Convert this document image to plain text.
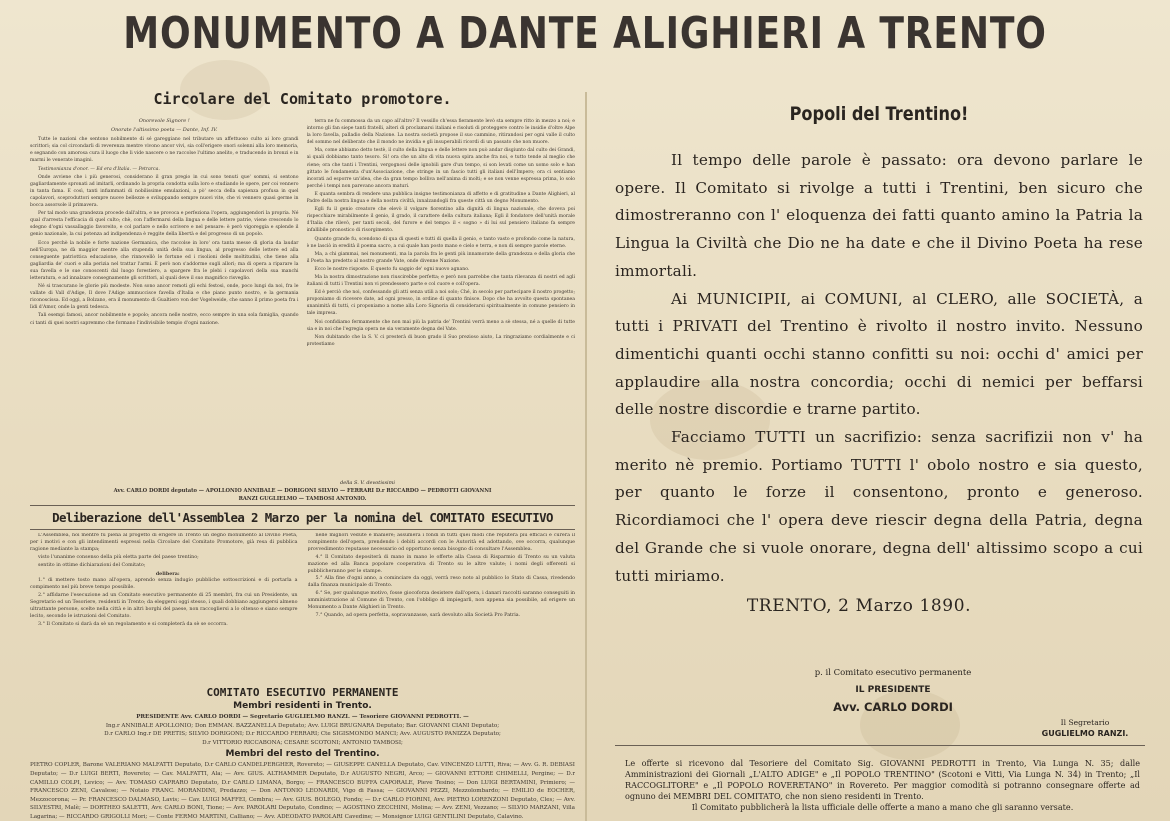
MONUMENTO A DANTE ALIGHIERI A TRENTO
Circolare del Comitato promotore.
Onorevole Signore !
Onorate l'altissimo poeta — Dante, Inf. IV.

Tutte le nazioni che sentono nobilmente di sé gareggiano nel tributare un affettuoso culto ai loro grandi scrittori; sia col circondarli di reverenza mentre vivono ancor vivi, sia coll'erigere onori solenni alla loro memoria, e segnando con amorosa cura il luogo che li vide nascere o ne raccolse l'ultimo anelito, e traducendo in bronzi e in marmi le venerate imagini.

Testimonianza d'onor. — Ed era d'Italia. — Petrarca.

Onde avviene che i più generosi, considerano il gran pregio in cui sono tenuti que' sommi, si sentono gagliardamente spronati ad imitarli, ordinando la propria condotta sulla loro e studiando le opere, per coi vennero in tanta fama. E così, tanti infiammati di nobilissime emulazioni, a pò' secca della sapienza profusa in quel capolavori, sceproduttori sempre nuove bellezze e sviluppando sempre nuovi vite, che vi vennero quasi germe in bocca assorsole il primavera.

Per tal modo una grandezza procede dall'altra, e ne provoca e perfeziona l'opera, aggiungendori la propria. Né qual d'arresta l'efficacia di quel culto; chè, con l'affermarsi della lingua e delle lettere patrie, viene crescendo lo sdegno d'ogni vassallaggio favoreito, e col parlare e nello scrivere e nel pensare: è però vigoreggia e splende il genio nazionale, la cui potenza ad indipendenza è reggite della libertà e del progresso di un popolo.

Ecco perchè la nobile e forte nazione Germanica, che raccolse in loro' ora tanta messe di gloria da laudar nell'Europa, ne dà maggior mentre alla stupenda unità della sua lingua, al progresso delle lettere ed alla conseguente patriottica educazione, che rinnovellò le fortune ed i risolioni delle moltitudini, che tiene alla gagliardia de' cuori e alla perizia nel trattar l'armi. È però non s'addorme sugli allori; ma di opera a riparare la sua favella e le sue conoscenti dal luogo forestiero, a spargere fra le plebi i capolavori della sua manchi letteratura, e ad innalzare consegnamente gli scrittori, al quali deve il suo magnifico risveglio.

Né si trascurano le glorie più modeste. Non sono ancor remoti gli echi festosi, onde, poco lungi da noi, fra le vallate di Vall d'Adige, Il dove l'Adige ammuccisce favella d'Italia e che piano punto nostro, e la germania riconoscissa. Ed oggi, a Bolzano, era il monumento di Gualtiero von der Vogelweide, che sanno il primo poeta fra i lìdi d'Amor, onde la genti tedesca.

Tali esempi famosi, ancor nobilmente e popolo; ancora nelle nostre, ecco sempre in una sola famiglia, quando ci tanti di quei nostri sapremmo che formano l'indivisibile tempio d'ogni nazione.

terra ne fu commossa da un capo all'altro? Il vessillo ch'essa fieramente levò sta sempre ritto in mezzo a noi; e intorno gli fan siepe tanti fratelli, alteri di proclamarsi italiani e risoluti di proteggere contro le insidie d'oltre Alpe la loro favella, palladio della Nazione. La nostra società propose il suo cammino, ritirandosi per ogni valle il culto del sommo nel deliberato che il mondo ne invidia e gli insuperabili ricordi di un passato che non muore.

Ma, come abbiamo detto testè, il culto della lingua e delle lettere non può andar disgiunto dal culto dei Grandi, ai quali dobbiamo tanto tesoro. Si! ora che un alto di vita nuova spira anche fra noi, e tutto tende al meglio che viene; ora che tanti i Trentini, vergognosi delle ignobili gare d'un tempo, si son levati come un uomo solo e han gittato le fondamenta d'un'Associazione, che stringe in un fascio tutti gli italiani dell'Impero; ora ci sentiamo incorati ad esporre un'idea, che da gran tempo bolliva nell'anima di molti; e se non venne espressa prima, lo solo perché i tempi non parevano ancora maturi.

E quanta sembra di rendere una pubblica insigne testimonianza di affetto e di gratitudine a Dante Alighieri, al Padre della nostra lingua e della nostra civiltà, innalzandogli fra queste città un degno Monumento.

Egli fu il genio creatore che elevò il volgare fiorentino alla dignità di lingua nazionale, che doveva poi rispecchiare mirabilmente il genio, il grado, il carattere della cultura italiana; Egli il fondatore dell'unità morale d'Italia che rilevò, per tanti secoli, del furore e del tempo: il « sogno » di lui sul pensiero italiano fa sempre infallibile pronostico di risorgimento.

Quanto grande fu, scendono di qua di questi e tutti di quella il genio, e tanto vasto e profondo come la natura, è ne lasciò in eredità il poema sacro, a cui quale han posto mano e cielo e terra, e non di sempre parole eterne.

Ma, a chi giammai, nei monumenti, ma la parola fra le genti più innamorate della grandezza e della gloria che il Poeta ha predetto al nostro grande Vate, onde divenne Nazione.

Ecco le nostre risposte. E questo fu saggio de' ogni nuovo agnano.

Ma la nostra dimostrazione non riuscirebbe perfetta; e però non parrebbe che tanta rilevanza di nostri ed agli italiani di tutti i Trentini non vi prendessero parte e col cuore e coll'opera.

Ed è perciò che noi, confessando gli atti senza utili a noi solo; Ché, in secolo per partecipare il nostro progetto; proponiamo di ricevere date, ad ogni presso, in ordine di quanto finisce. Dopo che ha avvolto questa spontanea unanimità di tutti, ci proponiamo a nome alla Loro Signoria di considerarsi spiritualmente in comune pensiero in tale impresa.

Noi confidiamo fermamente che non mai più la patria de' Trentini verrà meno a sè stessa, né a quelle di tutte sia e in noi che l'egregia opera ne sia veramente degna del Vate.

Non dubitando che la S. V. ci presterà di buon grado il Suo prezioso aiuto, La ringraziamo cordialmente e ci protestiamo

della S. V. devotissimi
Avv. CARLO DORDI deputato — APOLLONIO ANNIBALE — DORIGONI SILVIO — FERRARI D.r RICCARDO — PEDROTTI GIOVANNI
RANZI GUGLIELMO — TAMBOSI ANTONIO.
Deliberazione dell'Assemblea 2 Marzo per la nomina del COMITATO ESECUTIVO

L'Assemblea, noi mentre fu piena al progetto di erigere in Trento un degno monumento al Divino Poeta, per i motivi e con gli intendimenti espressi nella Circolare del Comitato Promotore, già resa di pubblica ragione mediante la stampa;

visto l'unanime consenso della più eletta parte del paese trentino;

sentito in ottime dichiarazioni del Comitato;

delibera:

1.° di mettere tosto mano all'opera, aprendo senza indugio pubbliche sottoscrizioni e di portarla a compimento nel più breve tempo possibile.

2.° affidarne l'esecuzione ad un Comitato esecutivo permanente di 25 membri, fra cui un Presidente, un Segretario ed un Tesoriere, residenti in Trento; da eleggersi oggi stesso, i quali dobbiano aggiungersi almeno ultrattante persone, scelte nella città e in altri borghi del paese, non raccogliersi a lo oltenso e siano sempre lecito, secondo le istruzioni del Comitato.

3.° Il Comitato si darà da sè un regolamento e si completerà da sè se occorra.

nelle migliori vedute e maniere; assumerà i fondi in tutti quei modi che reputerà più efficaci e curerà il compimento dell'opera, prendendo i debiti accordi con le Autorità ed adottando, ove occorra, qualunque provvedimento reputasse necessario od opportuno senza bisogno di consultare l'Assemblea.

4.° Il Comitato depositerà di mano in mano le offerte alla Cassa di Risparmio di Trento su un valuta mazione ed alla Banca popolare cooperativa di Trento su le altre valute; i nomi degli offerenti si pubblicheranno per le stampe.

5.° Alla fine d'ogni anno, a cominciare da oggi, verrà reso noto al pubblico lo Stato di Cassa, rivedendo dalla finanza municipale di Trento.

6.° Se, per qualunque motivo, fosse giocoforza desistere dall'opera, i danari raccolti saranno conseguiti in amministrazione al Comune di Trento, con l'obbligo di impiegarli, non appena sia possibile, ad erigere un Monumento a Dante Alighieri in Trento.

7.° Quando, ad opera perfetta, sopravanzasse, sarà devoluto alla Società Pro Patria.

COMITATO ESECUTIVO PERMANENTE
Membri residenti in Trento.
PRESIDENTE Avv. CARLO DORDI — Segretario GUGLIELMO RANZI. — Tesoriere GIOVANNI PEDROTTI. —
Ing.r ANNIBALE APOLLONIO; Don EMMAN. BAZZANELLA Deputato; Avv. LUIGI BRUGNARA Deputato; Bar. GIOVANNI CIANI Deputato;
D.r CARLO Ing.r DE PRETIS; SILVIO DORIGONI; D.r RICCARDO FERRARI; Cte SIGISMONDO MANCI; Avv. AUGUSTO PANIZZA Deputato;
D.r VITTORIO RICCABONA; CESARE SCOTONI; ANTONIO TAMBOSI;
Membri del resto del Trentino.
PIETRO COPLER, Barone VALERIANO MALFATTI Deputato, D.r CARLO CANDELPERGHER, Rovereto; — GIUSEPPE CANELLA Deputato, Cav. VINCENZO LUTTI, Riva; — Avv. G. R. DEBIASI Deputato; — D.r LUIGI BERTI, Rovereto; — Cav. MALFATTI, Ala; — Avv. GIUS. ALTHAMMER Deputato, D.r AUGUSTO NEGRI, Arco; — GIOVANNI ETTORE CHIMELLI, Pergine; — D.r CAMILLO COLPI, Levico; — Avv. TOMASO CAPRARO Deputato, D.r CARLO LIMANA, Borgo; — FRANCESCO BUFFA CAPORALE, Pieve Tesino; — Don LUIGI BERTAMINI, Primiero; — FRANCESCO ZENI, Cavalese; — Notaio FRANC. MORANDINI, Predazzo; — Don ANTONIO LEONARDI, Vigo di Fassa; — GIOVANNI PEZZI, Mezzolombardo; — EMILIO de EOCHER, Mezzocorona; — Pr. FRANCESCO DALMASO, Lavis; — Cav. LUIGI MAFFEI, Cembra; — Avv. GIUS. BOLEGO, Fondo; — D.r CARLO FIORINI, Avv. PIETRO LORENZONI Deputato, Cles; — Avv. SILVESTRI, Malè; — DORTHEO SALETTI, Avv. CARLO BONI, Tione; — Avv. PAROLARI Deputato, Condino; — AGOSTINO ZECCHINI, Molina; — Avv. ZENI, Vezzano; — SILVIO MARZANI, Villa Lagarina; — RICCARDO GRIGOLLI Mori; — Conte FERMO MARTINI, Calliano; — Avv. ADEODATO PAROLARI Cavedine; — Monsignor LUIGI GENTILINI Deputato, Calavino.
Popoli del Trentino!

Il tempo delle parole è passato: ora devono parlare le opere. Il Comitato si rivolge a tutti i Trentini, ben sicuro che dimostreranno con l' eloquenza dei fatti quanto amino la Patria la Lingua la Civiltà che Dio ne ha date e che il Divino Poeta ha rese immortali.

Ai MUNICIPII, ai COMUNI, al CLERO, alle SOCIETÀ, a tutti i PRIVATI del Trentino è rivolto il nostro invito. Nessuno dimentichi quanti occhi stanno confitti su noi: occhi d' amici per applaudire alla nostra concordia; occhi di nemici per beffarsi delle nostre discordie e trarne partito.

Facciamo TUTTI un sacrifizio: senza sacrifizii non v' ha merito nè premio. Portiamo TUTTI l' obolo nostro e sia questo, per quanto le forze il consentono, pronto e generoso. Ricordiamoci che l' opera deve riescir degna della Patria, degna del Grande che si vuole onorare, degna dell' altissimo scopo a cui tutti miriamo.

TRENTO, 2 Marzo 1890.
p. il Comitato esecutivo permanente
IL PRESIDENTE
Avv. CARLO DORDI
Il Segretario
GUGLIELMO RANZI.

Le offerte si ricevono dal Tesoriere del Comitato Sig. GIOVANNI PEDROTTI in Trento, Via Lunga N. 35; dalle Amministrazioni dei Giornali „L'ALTO ADIGE" e „Il POPOLO TRENTINO" (Scotoni e Vitti, Via Lunga N. 34) in Trento; „Il RACCOGLITORE" e „Il POPOLO ROVERETANO" in Rovereto. Per maggior comodità si potranno consegnare offerte ad ognuno dei MEMBRI DEL COMITATO, che non sieno residenti in Trento.

Il Comitato pubblicherà la lista ufficiale delle offerte a mano a mano che gli saranno versate.
